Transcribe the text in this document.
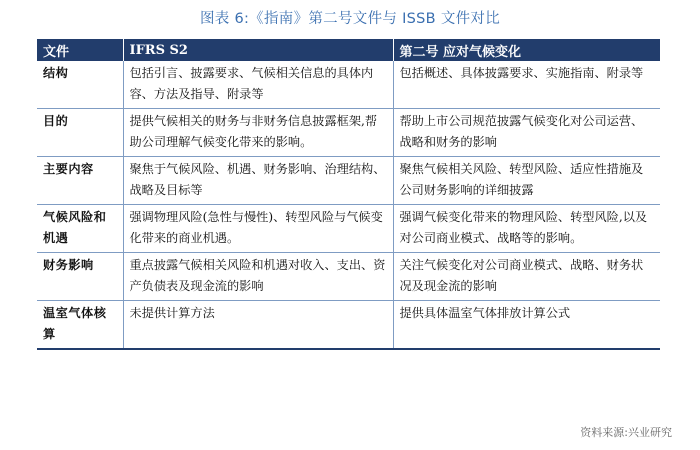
图表 6:《指南》第二号文件与 ISSB 文件对比
文件	IFRS S2	第二号 应对气候变化
结构	包括引言、披露要求、气候相关信息的具体内容、方法及指导、附录等	包括概述、具体披露要求、实施指南、附录等
目的	提供气候相关的财务与非财务信息披露框架,帮助公司理解气候变化带来的影响。	帮助上市公司规范披露气候变化对公司运营、战略和财务的影响
主要内容	聚焦于气候风险、机遇、财务影响、治理结构、战略及目标等	聚焦气候相关风险、转型风险、适应性措施及公司财务影响的详细披露
气候风险和机遇	强调物理风险(急性与慢性)、转型风险与气候变化带来的商业机遇。	强调气候变化带来的物理风险、转型风险,以及对公司商业模式、战略等的影响。
财务影响	重点披露气候相关风险和机遇对收入、支出、资产负债表及现金流的影响	关注气候变化对公司商业模式、战略、财务状况及现金流的影响
温室气体核算	未提供计算方法	提供具体温室气体排放计算公式
资料来源:兴业研究
